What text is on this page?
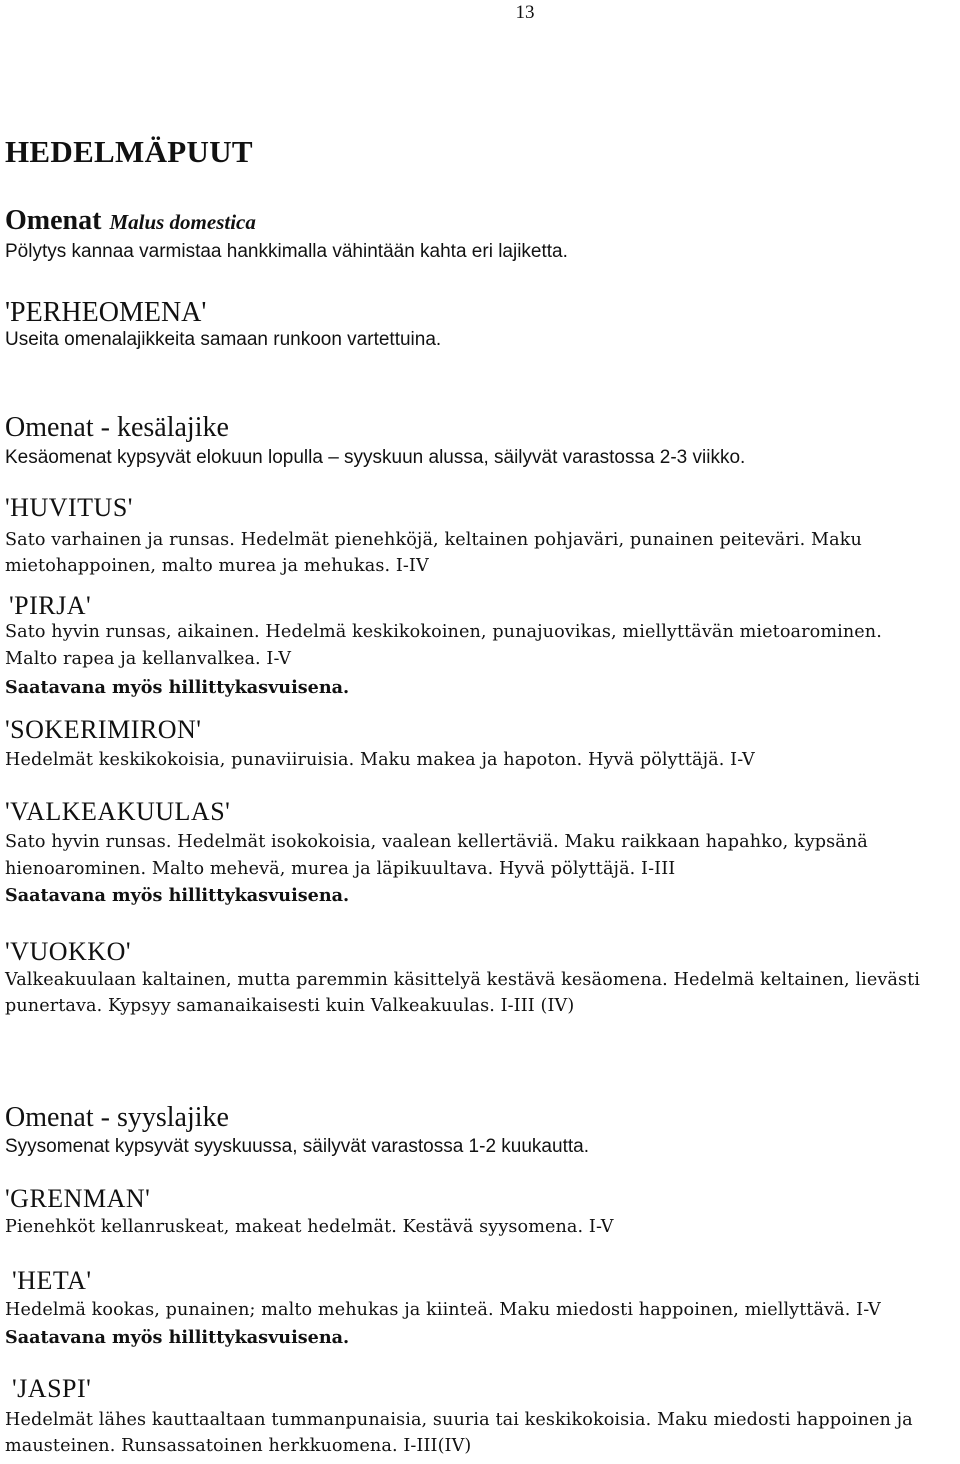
13
HEDELMÄPUUT
Omenat Malus domestica
Pölytys kannaa varmistaa hankkimalla vähintään kahta eri lajiketta.
'PERHEOMENA'
Useita omenalajikkeita samaan runkoon vartettuina.
Omenat - kesälajike
Kesäomenat kypsyvät elokuun lopulla – syyskuun alussa, säilyvät varastossa 2-3 viikko.
'HUVITUS'
Sato varhainen ja runsas. Hedelmät pienehköjä, keltainen pohjaväri, punainen peiteväri. Maku
mietohappoinen, malto murea ja mehukas. I-IV
'PIRJA'
Sato hyvin runsas, aikainen. Hedelmä keskikokoinen, punajuovikas, miellyttävän mietoarominen.
Malto rapea ja kellanvalkea. I-V
Saatavana myös hillittykasvuisena.
'SOKERIMIRON'
Hedelmät keskikokoisia, punaviiruisia. Maku makea ja hapoton. Hyvä pölyttäjä. I-V
'VALKEAKUULAS'
Sato hyvin runsas. Hedelmät isokokoisia, vaalean kellertäviä. Maku raikkaan hapahko, kypsänä
hienoarominen. Malto mehevä, murea ja läpikuultava. Hyvä pölyttäjä. I-III
Saatavana myös hillittykasvuisena.
'VUOKKO'
Valkeakuulaan kaltainen, mutta paremmin käsittelyä kestävä kesäomena. Hedelmä keltainen, lievästi
punertava. Kypsyy samanaikaisesti kuin Valkeakuulas. I-III (IV)
Omenat - syyslajike
Syysomenat kypsyvät syyskuussa, säilyvät varastossa 1-2 kuukautta.
'GRENMAN'
Pienehköt kellanruskeat, makeat hedelmät. Kestävä syysomena. I-V
'HETA'
Hedelmä kookas, punainen; malto mehukas ja kiinteä. Maku miedosti happoinen, miellyttävä. I-V
Saatavana myös hillittykasvuisena.
'JASPI'
Hedelmät lähes kauttaaltaan tummanpunaisia, suuria tai keskikokoisia. Maku miedosti happoinen ja
mausteinen. Runsassatoinen herkkuomena. I-III(IV)
